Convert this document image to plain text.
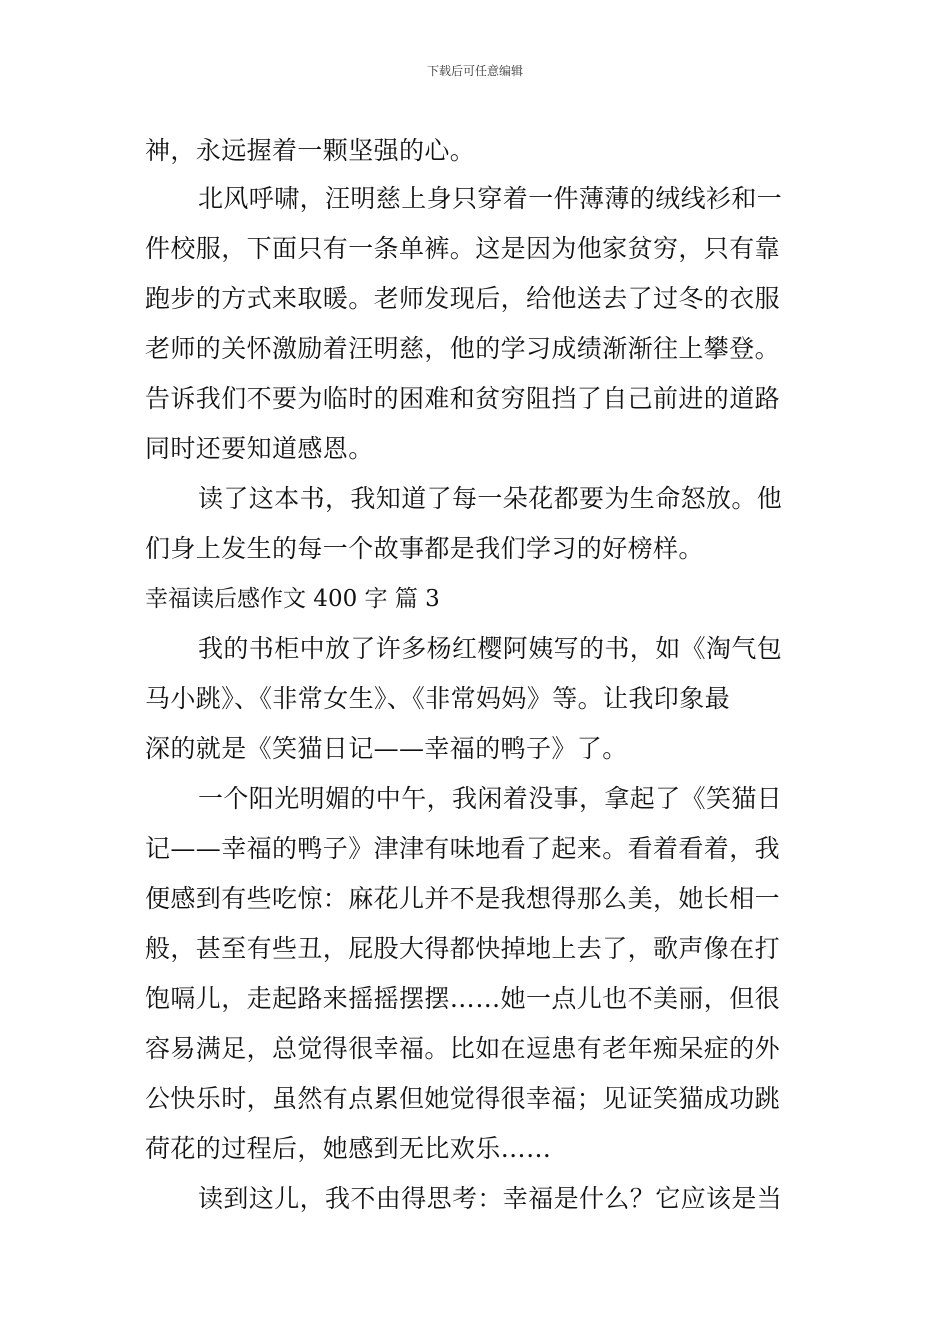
下载后可任意编辑
神，永远握着一颗坚强的心。
北风呼啸，汪明慈上身只穿着一件薄薄的绒线衫和一
件校服，下面只有一条单裤。这是因为他家贫穷，只有靠
跑步的方式来取暖。老师发现后，给他送去了过冬的衣服
老师的关怀激励着汪明慈，他的学习成绩渐渐往上攀登。
告诉我们不要为临时的困难和贫穷阻挡了自己前进的道路
同时还要知道感恩。
读了这本书，我知道了每一朵花都要为生命怒放。他
们身上发生的每一个故事都是我们学习的好榜样。
幸福读后感作文 400 字 篇 3
我的书柜中放了许多杨红樱阿姨写的书，如《淘气包
马小跳》、《非常女生》、《非常妈妈》等。让我印象最
深的就是《笑猫日记——幸福的鸭子》了。
一个阳光明媚的中午，我闲着没事，拿起了《笑猫日
记——幸福的鸭子》津津有味地看了起来。看着看着，我
便感到有些吃惊：麻花儿并不是我想得那么美，她长相一
般，甚至有些丑，屁股大得都快掉地上去了，歌声像在打
饱嗝儿，走起路来摇摇摆摆……她一点儿也不美丽，但很
容易满足，总觉得很幸福。比如在逗患有老年痴呆症的外
公快乐时，虽然有点累但她觉得很幸福；见证笑猫成功跳
荷花的过程后，她感到无比欢乐……
读到这儿，我不由得思考：幸福是什么？它应该是当
